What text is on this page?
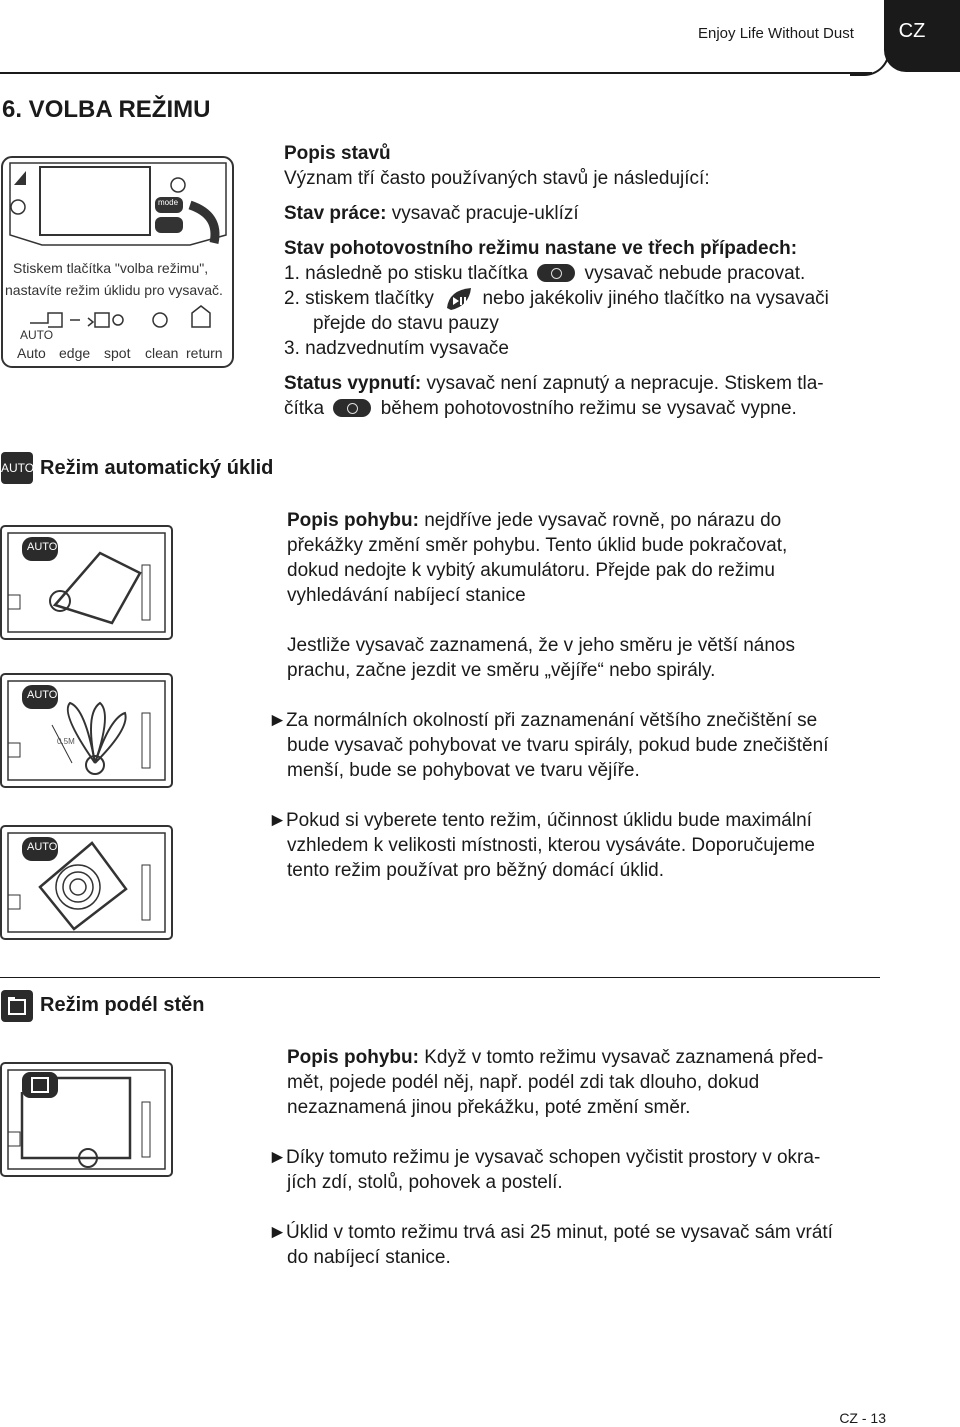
CZ
Enjoy Life Without Dust
6. VOLBA REŽIMU
mode
Stiskem tlačítka "volba režimu",
nastavíte režim úklidu pro vysavač.
AUTO
Auto edge spot clean return
Popis stavů
Význam tří často používaných stavů je následující:
Stav práce: vysavač pracuje-uklízí
Stav pohotovostního režimu nastane ve třech případech:
1. následně po stisku tlačítka	vysavač nebude pracovat.
2. stiskem tlačítky	nebo jakékoliv jiného tlačítko na vysavači
přejde do stavu pauzy
3. nadzvednutím vysavače
Status vypnutí: vysavač není zapnutý a nepracuje. Stiskem tla-
čítka	během pohotovostního režimu se vysavač vypne.
AUTO Režim automatický úklid
AUTO
AUTO
0.5M
AUTO
Popis pohybu: nejdříve jede vysavač rovně, po nárazu do
překážky změní směr pohybu. Tento úklid bude pokračovat,
dokud nedojte k vybitý akumulátoru. Přejde pak do režimu
vyhledávání nabíjecí stanice
Jestliže vysavač zaznamená, že v jeho směru je větší nános
prachu, začne jezdit ve směru „vějíře“ nebo spirály.
►Za normálních okolností při zaznamenání většího znečištění se
bude vysavač pohybovat ve tvaru spirály, pokud bude znečištění
menší, bude se pohybovat ve tvaru vějíře.
►Pokud si vyberete tento režim, účinnost úklidu bude maximální
vzhledem k velikosti místnosti, kterou vysáváte. Doporučujeme
tento režim používat pro běžný domácí úklid.
Režim podél stěn
Popis pohybu: Když v tomto režimu vysavač zaznamená před-
mět, pojede podél něj, např. podél zdi tak dlouho, dokud
nezaznamená jinou překážku, poté změní směr.
►Díky tomuto režimu je vysavač schopen vyčistit prostory v okra-
jích zdí, stolů, pohovek a postelí.
►Úklid v tomto režimu trvá asi 25 minut, poté se vysavač sám vrátí
do nabíjecí stanice.
CZ - 13
